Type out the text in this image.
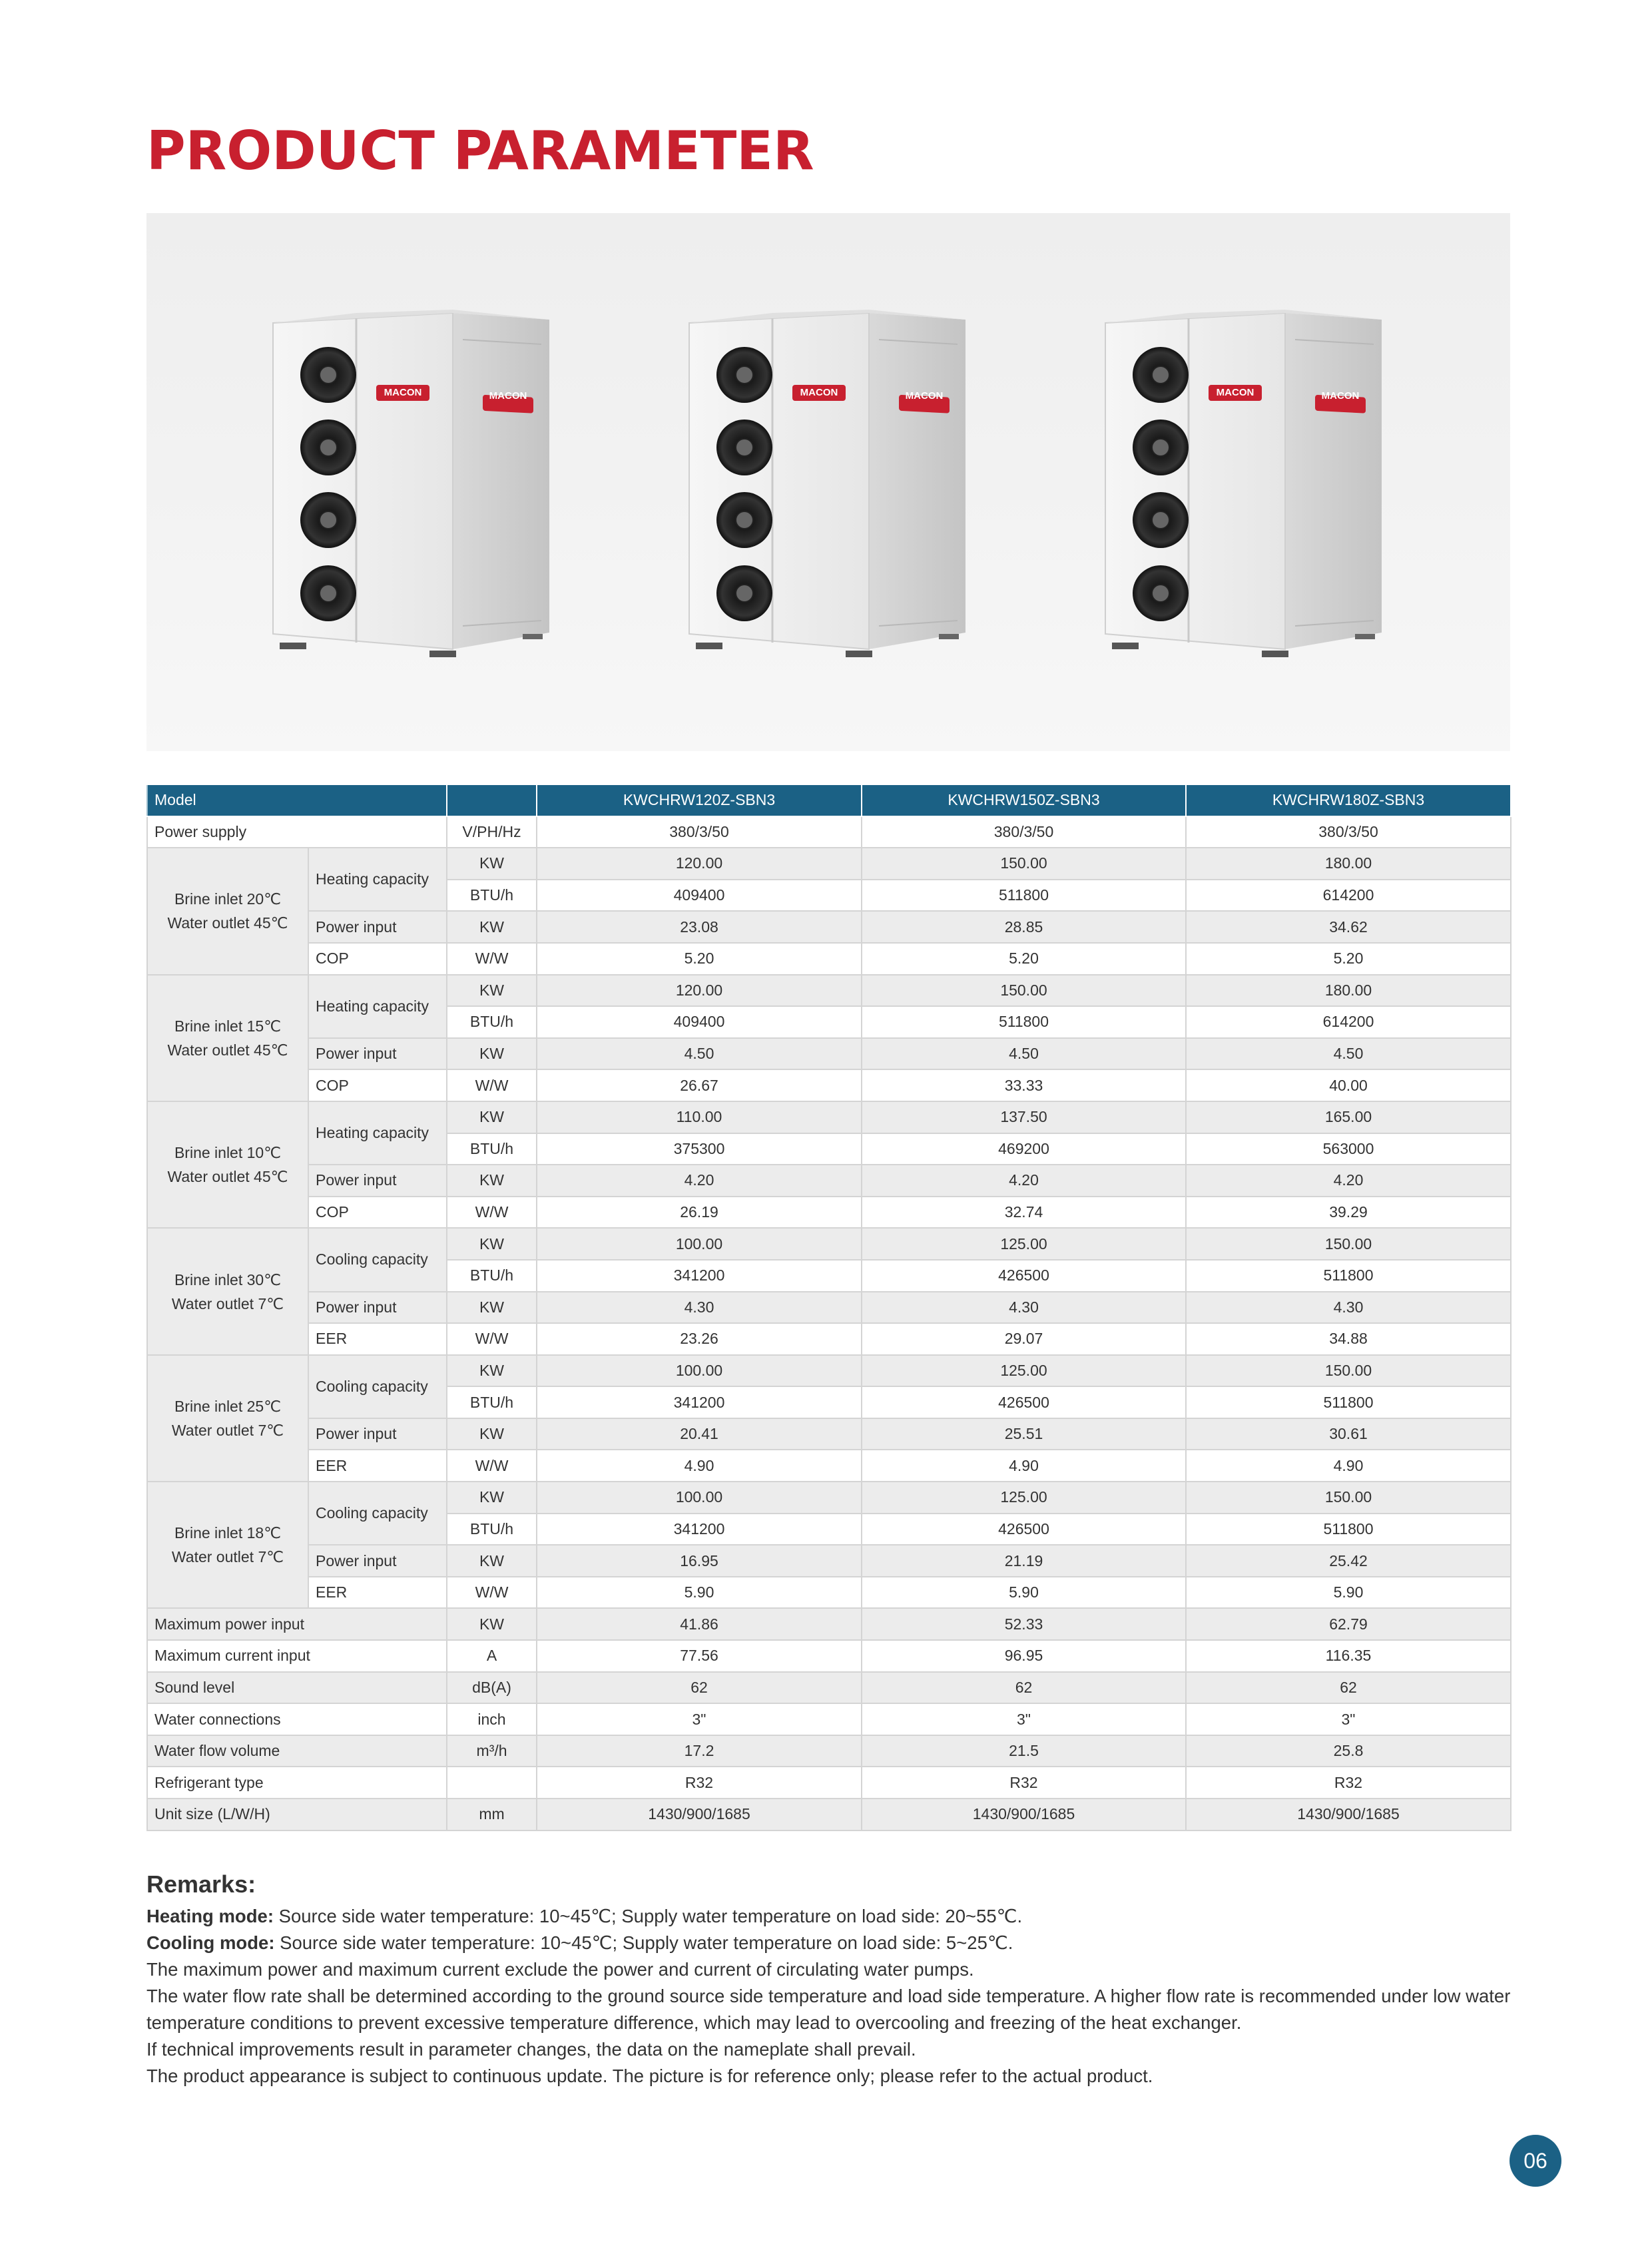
PRODUCT PARAMETER
MACON	MACON	MACON	MACON	MACON	MACON
Model			KWCHRW120Z-SBN3	KWCHRW150Z-SBN3	KWCHRW180Z-SBN3
Power supply		V/PH/Hz	380/3/50	380/3/50	380/3/50

Brine inlet 20℃
Water outlet 45℃	Heating capacity	KW	120.00	150.00	180.00
		BTU/h	409400	511800	614200
	Power input	KW	23.08	28.85	34.62
	COP	W/W	5.20	5.20	5.20

Brine inlet 15℃
Water outlet 45℃	Heating capacity	KW	120.00	150.00	180.00
		BTU/h	409400	511800	614200
	Power input	KW	4.50	4.50	4.50
	COP	W/W	26.67	33.33	40.00

Brine inlet 10℃
Water outlet 45℃	Heating capacity	KW	110.00	137.50	165.00
		BTU/h	375300	469200	563000
	Power input	KW	4.20	4.20	4.20
	COP	W/W	26.19	32.74	39.29

Brine inlet 30℃
Water outlet 7℃	Cooling capacity	KW	100.00	125.00	150.00
		BTU/h	341200	426500	511800
	Power input	KW	4.30	4.30	4.30
	EER	W/W	23.26	29.07	34.88

Brine inlet 25℃
Water outlet 7℃	Cooling capacity	KW	100.00	125.00	150.00
		BTU/h	341200	426500	511800
	Power input	KW	20.41	25.51	30.61
	EER	W/W	4.90	4.90	4.90

Brine inlet 18℃
Water outlet 7℃	Cooling capacity	KW	100.00	125.00	150.00
		BTU/h	341200	426500	511800
	Power input	KW	16.95	21.19	25.42
	EER	W/W	5.90	5.90	5.90
Maximum power input		KW	41.86	52.33	62.79
Maximum current input		A	77.56	96.95	116.35
Sound level		dB(A)	62	62	62
Water connections		inch	3"	3"	3"
Water flow volume		m³/h	17.2	21.5	25.8
Refrigerant type			R32	R32	R32
Unit size (L/W/H)		mm	1430/900/1685	1430/900/1685	1430/900/1685
Remarks:

Heating mode: Source side water temperature: 10~45℃; Supply water temperature on load side: 20~55℃.

Cooling mode: Source side water temperature: 10~45℃; Supply water temperature on load side: 5~25℃.

The maximum power and maximum current exclude the power and current of circulating water pumps.

The water flow rate shall be determined according to the ground source side temperature and load side temperature. A higher flow rate is recommended under low water temperature conditions to prevent excessive temperature difference, which may lead to overcooling and freezing of the heat exchanger.

If technical improvements result in parameter changes, the data on the nameplate shall prevail.

The product appearance is subject to continuous update. The picture is for reference only; please refer to the actual product.

06
